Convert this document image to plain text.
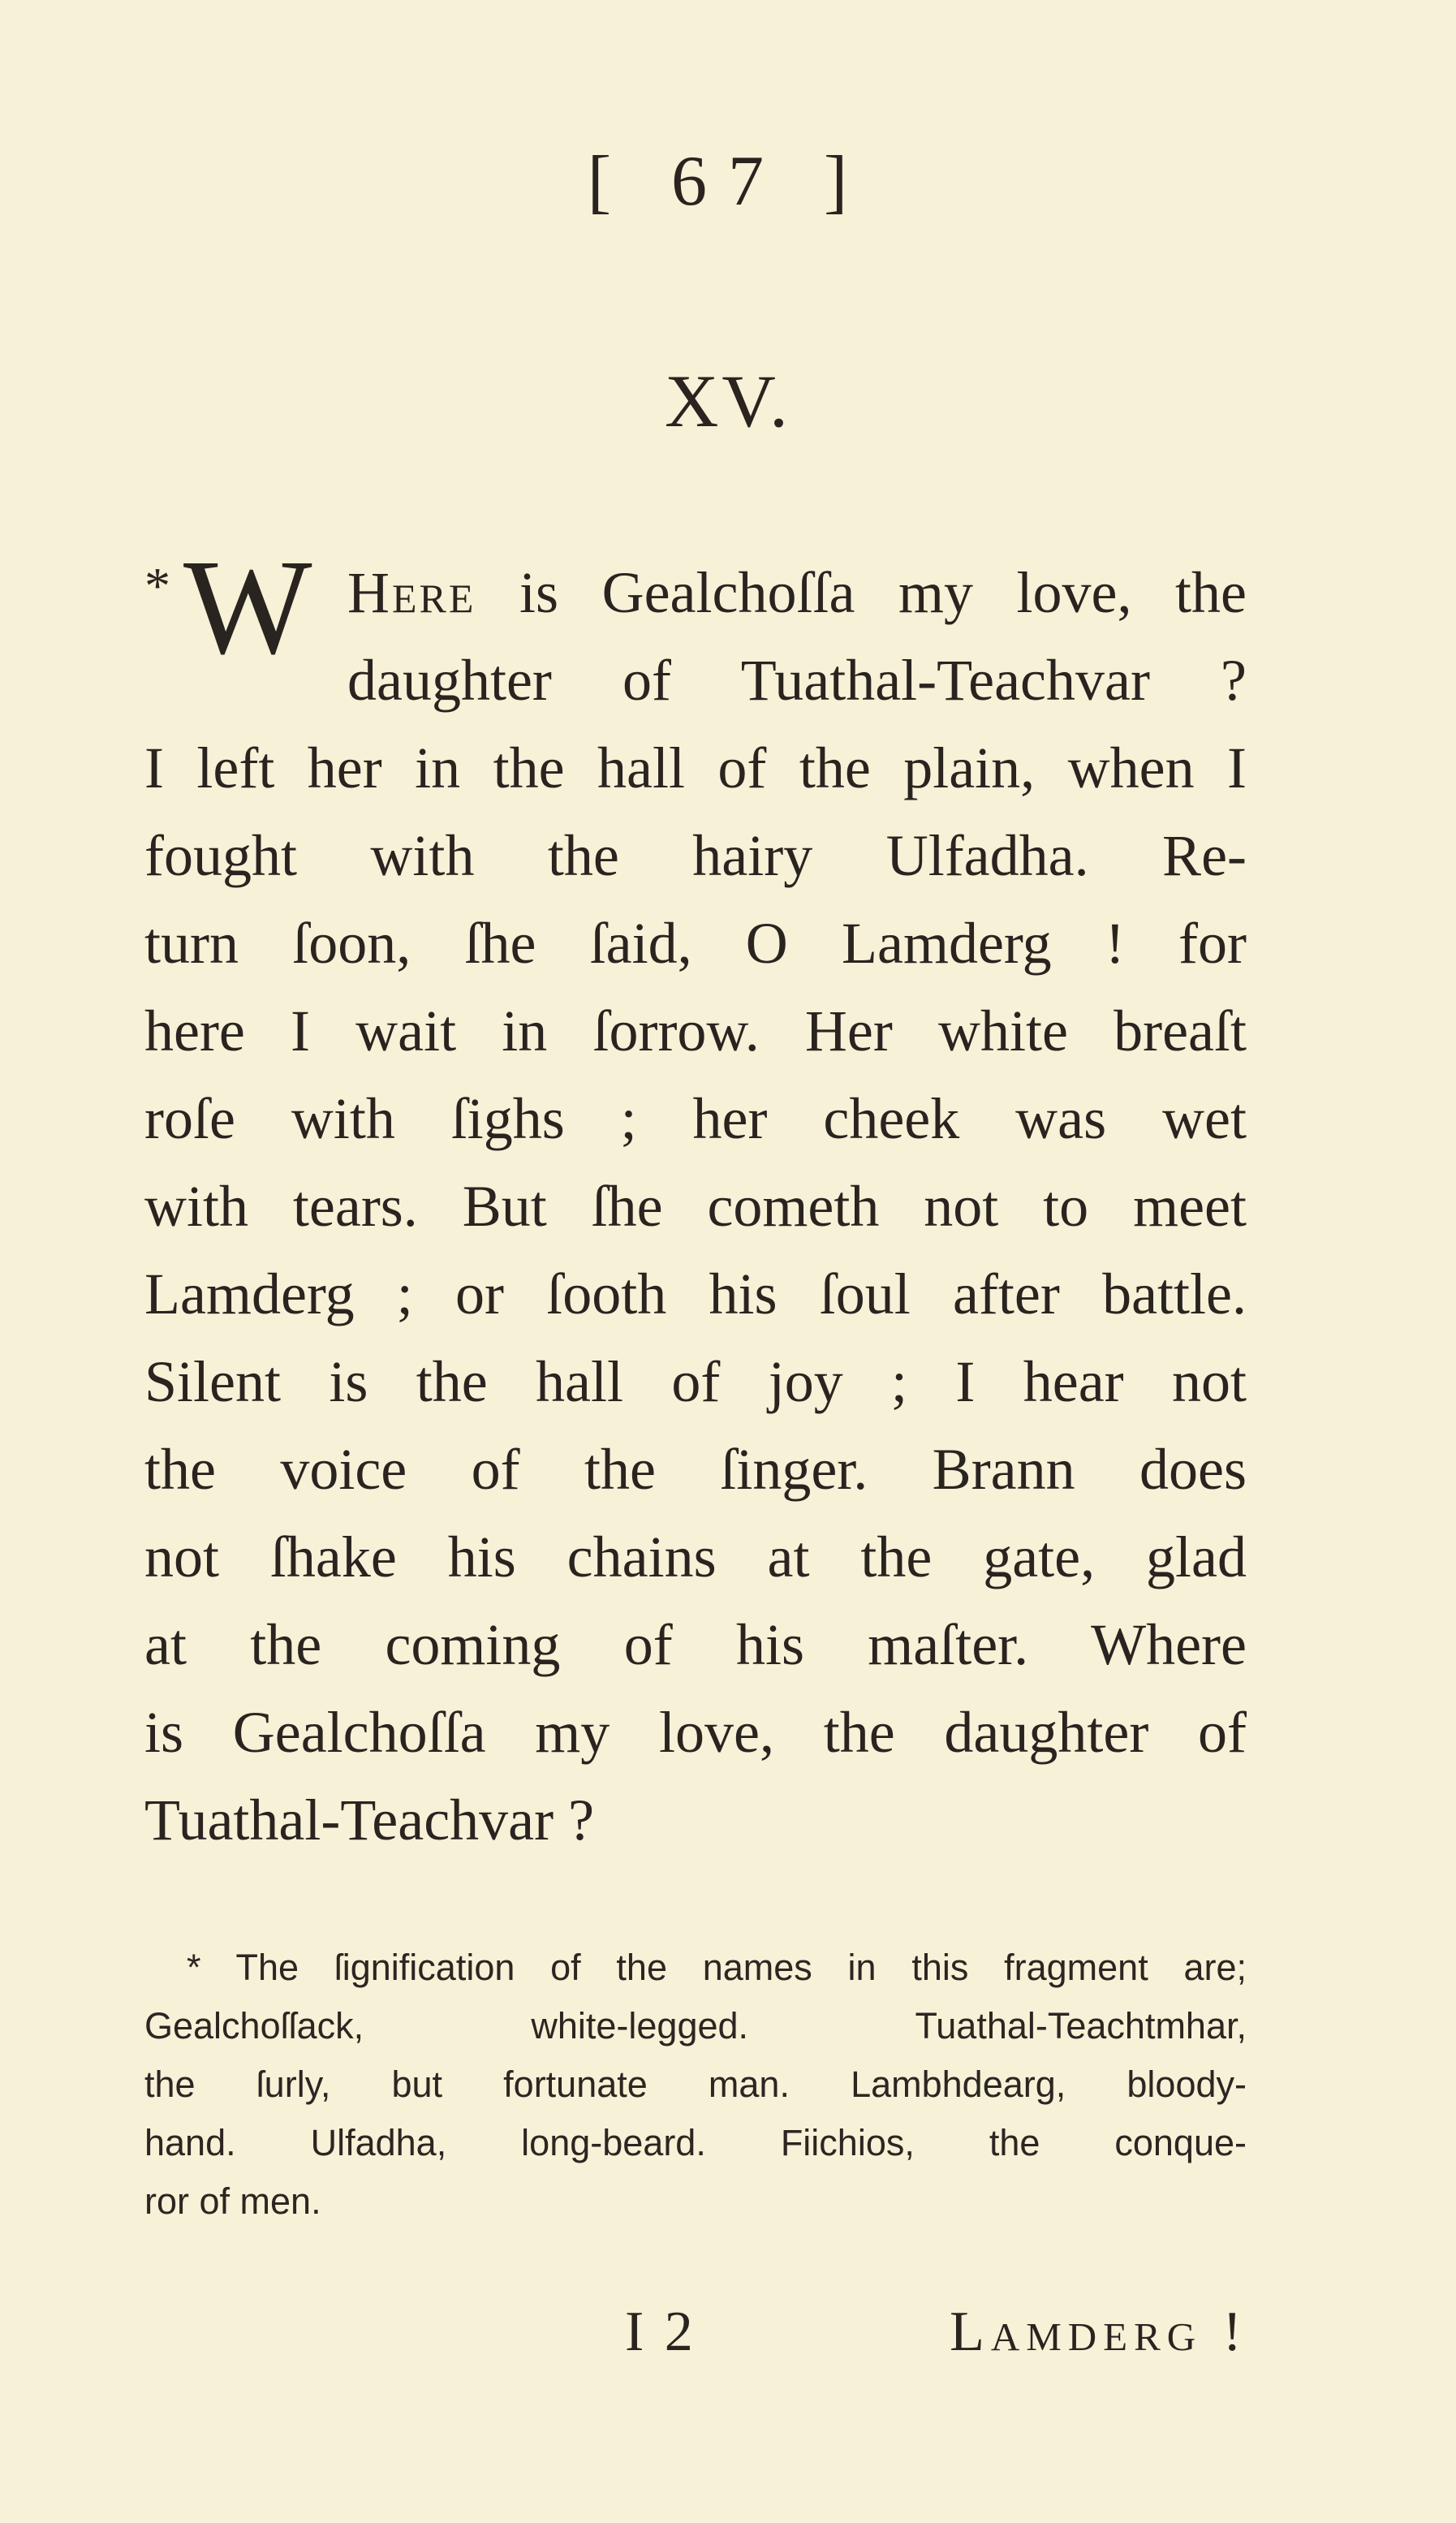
[ 67 ]
XV.
* W Here is Gealchoſſa my love, the
daughter of Tuathal-Teachvar ?
I left her in the hall of the plain, when I
fought with the hairy Ulfadha. Re-
turn ſoon, ſhe ſaid, O Lamderg ! for
here I wait in ſorrow. Her white breaſt
roſe with ſighs ; her cheek was wet
with tears. But ſhe cometh not to meet
Lamderg ; or ſooth his ſoul after battle.
Silent is the hall of joy ; I hear not
the voice of the ſinger. Brann does
not ſhake his chains at the gate, glad
at the coming of his maſter. Where
is Gealchoſſa my love, the daughter of
Tuathal-Teachvar ?
* The ſignification of the names in this fragment are;
Gealchoſſack, white-legged. Tuathal-Teachtmhar,
the ſurly, but fortunate man. Lambhdearg, bloody-
hand. Ulfadha, long-beard. Fiichios, the conque-
ror of men.
I 2	Lamderg !
